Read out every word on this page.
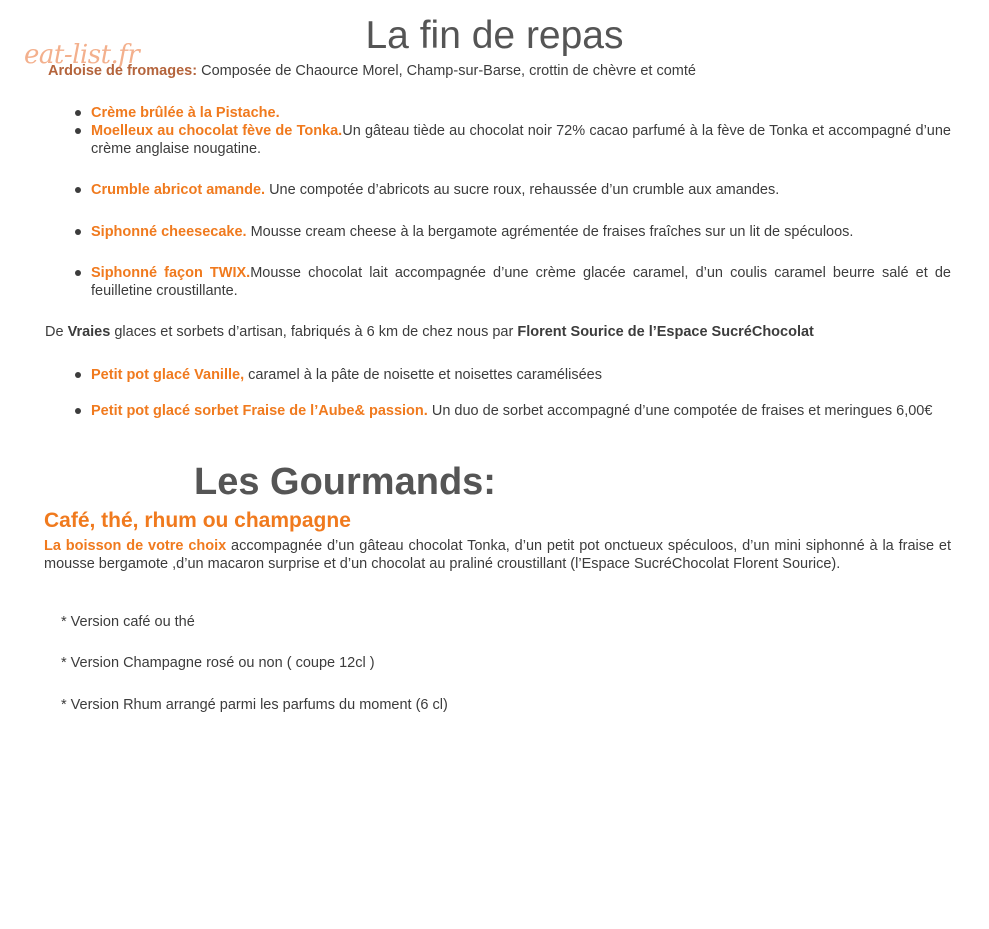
La fin de repas
eat-list.fr
Ardoise de fromages: Composée de Chaource Morel, Champ-sur-Barse, crottin de chèvre et comté
Crème brûlée à la Pistache.
Moelleux au chocolat fève de Tonka.Un gâteau tiède au chocolat noir 72% cacao parfumé à la fève de Tonka et accompagné d’une crème anglaise nougatine.
Crumble abricot amande. Une compotée d’abricots au sucre roux, rehaussée d’un crumble aux amandes.
Siphonné cheesecake. Mousse cream cheese à la bergamote agrémentée de fraises fraîches sur un lit de spéculoos.
Siphonné façon TWIX.Mousse chocolat lait accompagnée d’une crème glacée caramel, d’un coulis caramel beurre salé et de feuilletine croustillante.
De Vraies glaces et sorbets d’artisan, fabriqués à 6 km de chez nous par Florent Sourice de l’Espace SucréChocolat
Petit pot glacé Vanille, caramel à la pâte de noisette et noisettes caramélisées
Petit pot glacé sorbet Fraise de l’Aube& passion. Un duo de sorbet accompagné d’une compotée de fraises et meringues 6,00€
Les Gourmands:
Café, thé, rhum ou champagne
La boisson de votre choix accompagnée d’un gâteau chocolat Tonka, d’un petit pot onctueux spéculoos, d’un mini siphonné à la fraise et mousse bergamote ,d’un macaron surprise et d’un chocolat au praliné croustillant (l’Espace SucréChocolat Florent Sourice).
* Version café ou thé
* Version Champagne rosé ou non ( coupe 12cl )
* Version Rhum arrangé parmi les parfums du moment (6 cl)
